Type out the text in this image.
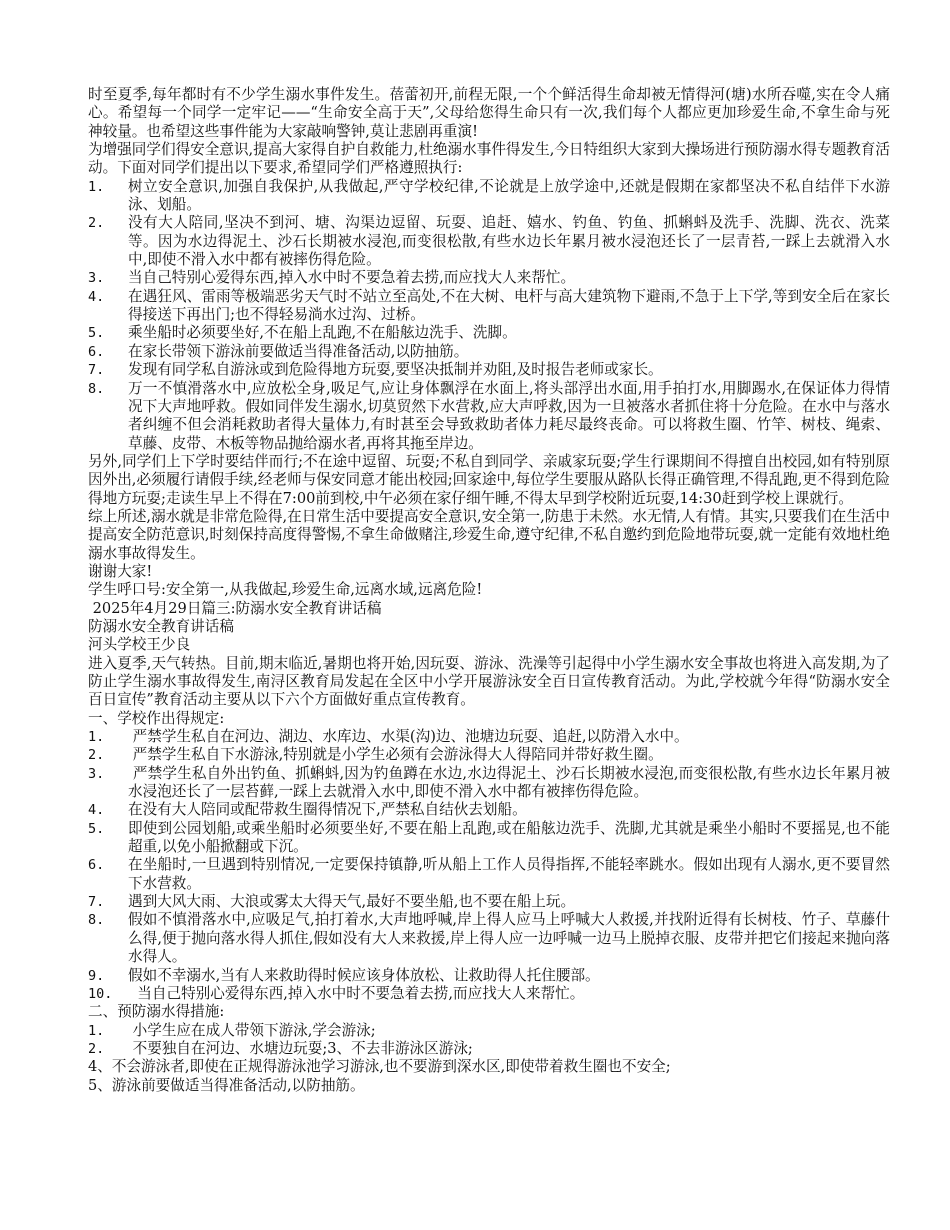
时至夏季,每年都时有不少学生溺水事件发生。蓓蕾初开,前程无限,一个个鲜活得生命却被无情得河(塘)水所吞噬,实在令人痛心。希望每一个同学一定牢记——“生命安全高于天”,父母给您得生命只有一次,我们每个人都应更加珍爱生命,不拿生命与死神较量。也希望这些事件能为大家敲响警钟,莫让悲剧再重演!

为增强同学们得安全意识,提高大家得自护自救能力,杜绝溺水事件得发生,今日特组织大家到大操场进行预防溺水得专题教育活动。下面对同学们提出以下要求,希望同学们严格遵照执行:

1.	树立安全意识,加强自我保护,从我做起,严守学校纪律,不论就是上放学途中,还就是假期在家都坚决不私自结伴下水游泳、划船。
2.	没有大人陪同,坚决不到河、塘、沟渠边逗留、玩耍、追赶、嬉水、钓鱼、钓鱼、抓蝌蚪及洗手、洗脚、洗衣、洗菜等。因为水边得泥土、沙石长期被水浸泡,而变很松散,有些水边长年累月被水浸泡还长了一层青苔,一踩上去就滑入水中,即使不滑入水中都有被摔伤得危险。
3.	当自己特别心爱得东西,掉入水中时不要急着去捞,而应找大人来帮忙。
4.	在遇狂风、雷雨等极端恶劣天气时不站立至高处,不在大树、电杆与高大建筑物下避雨,不急于上下学,等到安全后在家长得接送下再出门;也不得轻易淌水过沟、过桥。
5.	乘坐船时必须要坐好,不在船上乱跑,不在船舷边洗手、洗脚。
6.	在家长带领下游泳前要做适当得准备活动,以防抽筋。
7.	发现有同学私自游泳或到危险得地方玩耍,要坚决抵制并劝阻,及时报告老师或家长。
8.	万一不慎滑落水中,应放松全身,吸足气,应让身体飘浮在水面上,将头部浮出水面,用手拍打水,用脚踢水,在保证体力得情况下大声地呼救。假如同伴发生溺水,切莫贸然下水营救,应大声呼救,因为一旦被落水者抓住将十分危险。在水中与落水者纠缠不但会消耗救助者得大量体力,有时甚至会导致救助者体力耗尽最终丧命。可以将救生圈、竹竿、树枝、绳索、草藤、皮带、木板等物品抛给溺水者,再将其拖至岸边。

另外,同学们上下学时要结伴而行;不在途中逗留、玩耍;不私自到同学、亲戚家玩耍;学生行课期间不得擅自出校园,如有特别原因外出,必须履行请假手续,经老师与保安同意才能出校园;回家途中,每位学生要服从路队长得正确管理,不得乱跑,更不得到危险得地方玩耍;走读生早上不得在7:00前到校,中午必须在家仔细午睡,不得太早到学校附近玩耍,14:30赶到学校上课就行。

综上所述,溺水就是非常危险得,在日常生活中要提高安全意识,安全第一,防患于未然。水无情,人有情。其实,只要我们在生活中提高安全防范意识,时刻保持高度得警惕,不拿生命做赌注,珍爱生命,遵守纪律,不私自邀约到危险地带玩耍,就一定能有效地杜绝溺水事故得发生。

谢谢大家!

学生呼口号:安全第一,从我做起,珍爱生命,远离水域,远离危险!

2025年4月29日篇三:防溺水安全教育讲话稿

防溺水安全教育讲话稿

河头学校王少良

进入夏季,天气转热。目前,期末临近,暑期也将开始,因玩耍、游泳、洗澡等引起得中小学生溺水安全事故也将进入高发期,为了防止学生溺水事故得发生,南浔区教育局发起在全区中小学开展游泳安全百日宣传教育活动。为此,学校就今年得“防溺水安全百日宣传”教育活动主要从以下六个方面做好重点宣传教育。

一、学校作出得规定:

1.	严禁学生私自在河边、湖边、水库边、水渠(沟)边、池塘边玩耍、追赶,以防滑入水中。
2.	严禁学生私自下水游泳,特别就是小学生必须有会游泳得大人得陪同并带好救生圈。
3.	严禁学生私自外出钓鱼、抓蝌蚪,因为钓鱼蹲在水边,水边得泥土、沙石长期被水浸泡,而变很松散,有些水边长年累月被水浸泡还长了一层苔藓,一踩上去就滑入水中,即使不滑入水中都有被摔伤得危险。
4.	在没有大人陪同或配带救生圈得情况下,严禁私自结伙去划船。
5.	即使到公园划船,或乘坐船时必须要坐好,不要在船上乱跑,或在船舷边洗手、洗脚,尤其就是乘坐小船时不要摇晃,也不能超重,以免小船掀翻或下沉。
6.	在坐船时,一旦遇到特别情况,一定要保持镇静,听从船上工作人员得指挥,不能轻率跳水。假如出现有人溺水,更不要冒然下水营救。
7.	遇到大风大雨、大浪或雾太大得天气,最好不要坐船,也不要在船上玩。
8.	假如不慎滑落水中,应吸足气,拍打着水,大声地呼喊,岸上得人应马上呼喊大人救援,并找附近得有长树枝、竹子、草藤什么得,便于抛向落水得人抓住,假如没有大人来救援,岸上得人应一边呼喊一边马上脱掉衣服、皮带并把它们接起来抛向落水得人。
9.	假如不幸溺水,当有人来救助得时候应该身体放松、让救助得人托住腰部。
10.	当自己特别心爱得东西,掉入水中时不要急着去捞,而应找大人来帮忙。

二、预防溺水得措施:

1.	小学生应在成人带领下游泳,学会游泳;
2.	不要独自在河边、水塘边玩耍;3、不去非游泳区游泳;

4、不会游泳者,即使在正规得游泳池学习游泳,也不要游到深水区,即使带着救生圈也不安全;

5、游泳前要做适当得准备活动,以防抽筋。
